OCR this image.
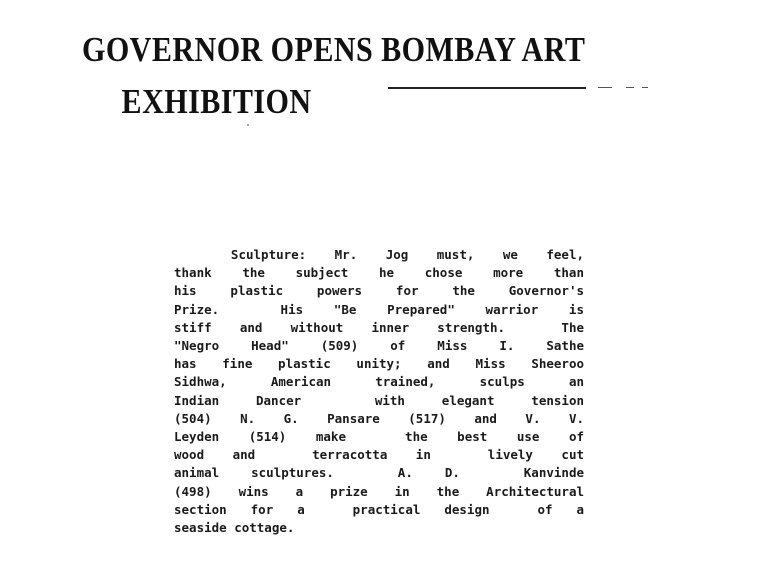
GOVERNOR OPENS BOMBAY ART
EXHIBITION
Sculpture: Mr. Jog must, we feel,
thank the subject he chose more than
his plastic powers for the Governor's
Prize.  His "Be Prepared" warrior is
stiff and without inner strength.  The
"Negro Head" (509) of Miss I. Sathe
has fine plastic unity; and Miss Sheeroo
Sidhwa, American trained, sculps an
Indian Dancer  with elegant tension
(504) N. G. Pansare (517) and V. V.
Leyden (514) make  the best use of
wood and  terracotta in  lively cut
animal sculptures.  A. D.  Kanvinde
(498) wins a prize in the Architectural
section for a  practical design  of a
seaside cottage.
